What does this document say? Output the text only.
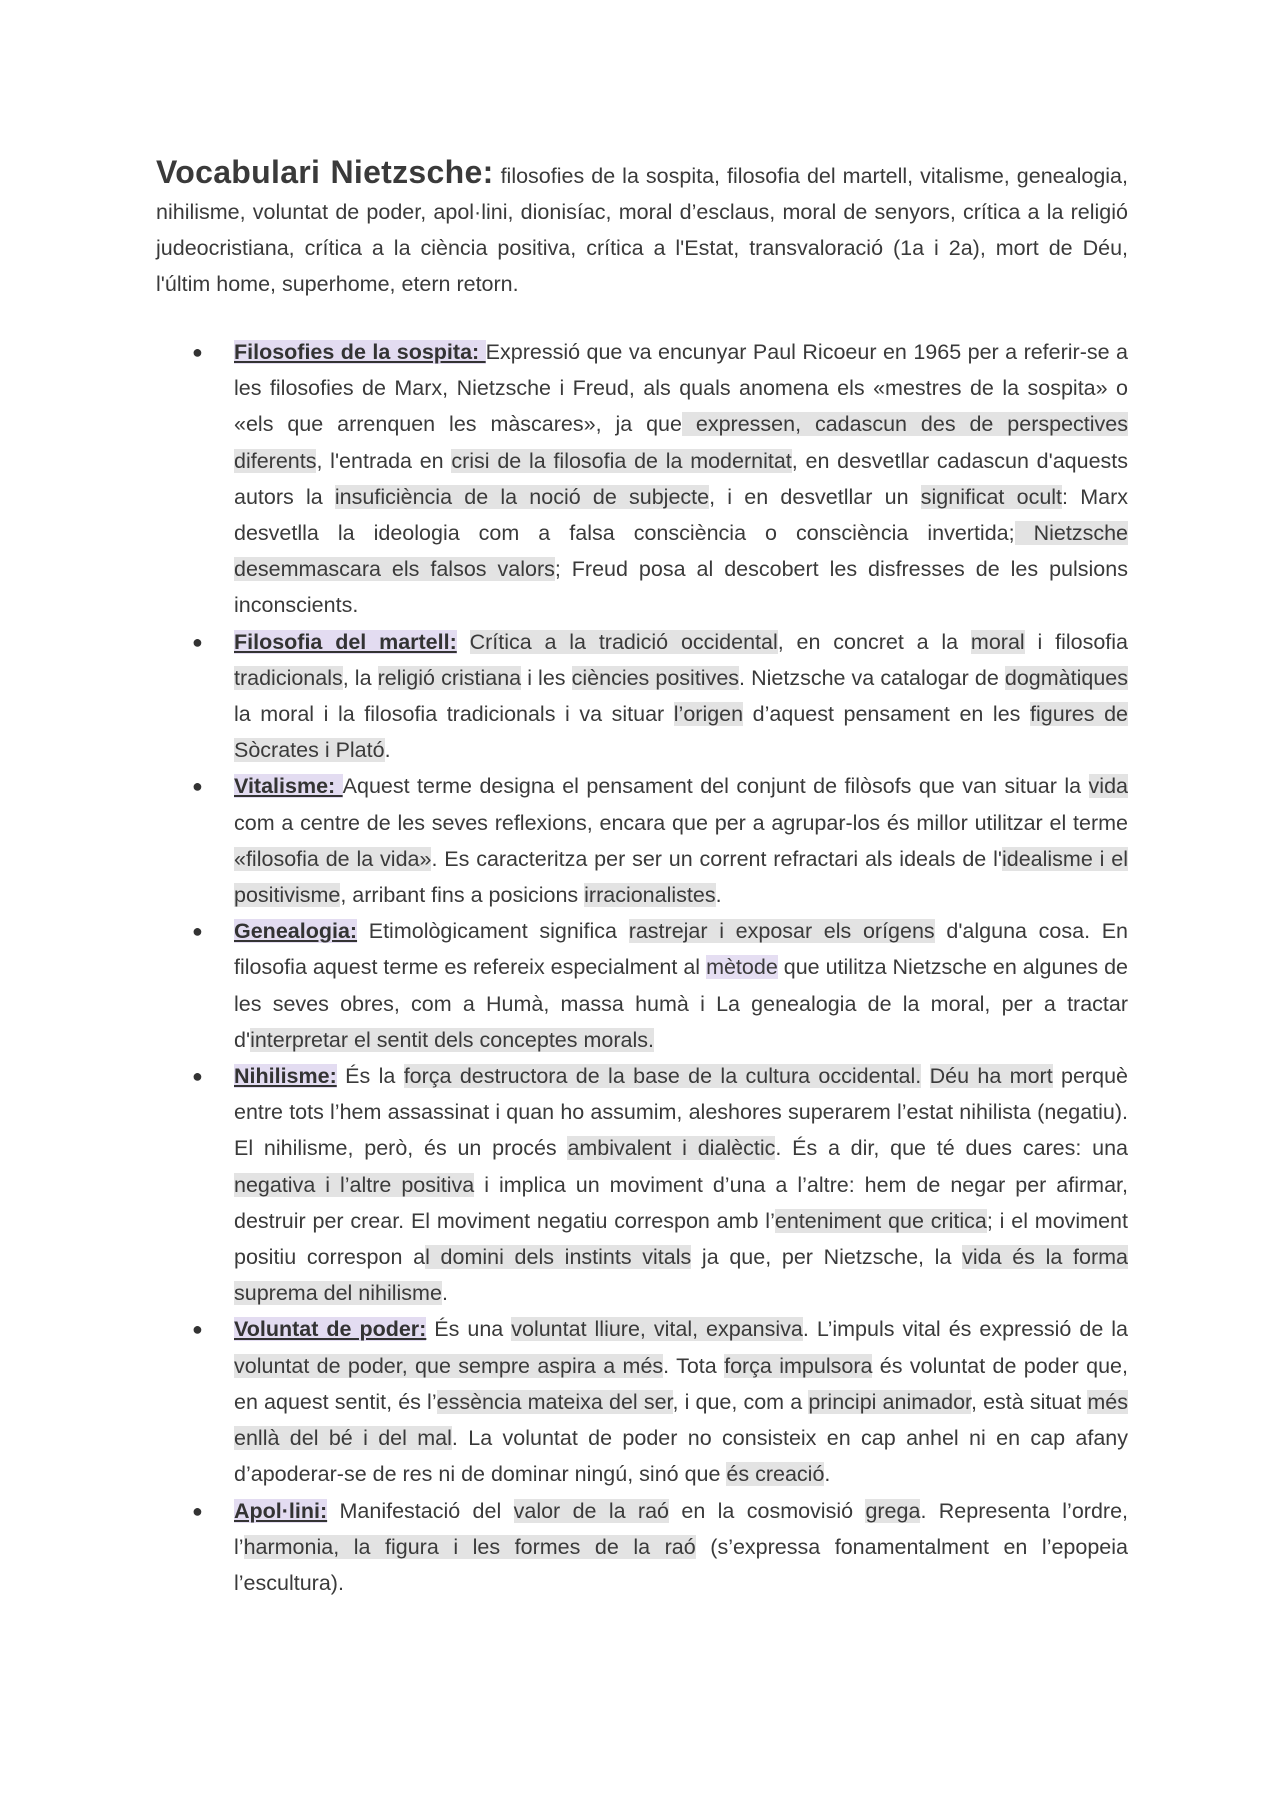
Vocabulari Nietzsche: filosofies de la sospita, filosofia del martell, vitalisme, genealogia, nihilisme, voluntat de poder, apol·lini, dionisíac, moral d’esclaus, moral de senyors, crítica a la religió judeocristiana, crítica a la ciència positiva, crítica a l'Estat, transvaloració (1a i 2a), mort de Déu, l'últim home, superhome, etern retorn.

● Filosofies de la sospita: Expressió que va encunyar Paul Ricoeur en 1965 per a referir-se a les filosofies de Marx, Nietzsche i Freud, als quals anomena els «mestres de la sospita» o «els que arrenquen les màscares», ja que expressen, cadascun des de perspectives diferents, l'entrada en crisi de la filosofia de la modernitat, en desvetllar cadascun d'aquests autors la insuficiència de la noció de subjecte, i en desvetllar un significat ocult: Marx desvetlla la ideologia com a falsa consciència o consciència invertida; Nietzsche desemmascara els falsos valors; Freud posa al descobert les disfresses de les pulsions inconscients.
● Filosofia del martell: Crítica a la tradició occidental, en concret a la moral i filosofia tradicionals, la religió cristiana i les ciències positives. Nietzsche va catalogar de dogmàtiques la moral i la filosofia tradicionals i va situar l’origen d’aquest pensament en les figures de Sòcrates i Plató.
● Vitalisme: Aquest terme designa el pensament del conjunt de filòsofs que van situar la vida com a centre de les seves reflexions, encara que per a agrupar-los és millor utilitzar el terme «filosofia de la vida». Es caracteritza per ser un corrent refractari als ideals de l'idealisme i el positivisme, arribant fins a posicions irracionalistes.
● Genealogia: Etimològicament significa rastrejar i exposar els orígens d'alguna cosa. En filosofia aquest terme es refereix especialment al mètode que utilitza Nietzsche en algunes de les seves obres, com a Humà, massa humà i La genealogia de la moral, per a tractar d'interpretar el sentit dels conceptes morals.
● Nihilisme: És la força destructora de la base de la cultura occidental. Déu ha mort perquè entre tots l’hem assassinat i quan ho assumim, aleshores superarem l’estat nihilista (negatiu). El nihilisme, però, és un procés ambivalent i dialèctic. És a dir, que té dues cares: una negativa i l’altre positiva i implica un moviment d’una a l’altre: hem de negar per afirmar, destruir per crear. El moviment negatiu correspon amb l’enteniment que critica; i el moviment positiu correspon al domini dels instints vitals ja que, per Nietzsche, la vida és la forma suprema del nihilisme.
● Voluntat de poder: És una voluntat lliure, vital, expansiva. L’impuls vital és expressió de la voluntat de poder, que sempre aspira a més. Tota força impulsora és voluntat de poder que, en aquest sentit, és l’essència mateixa del ser, i que, com a principi animador, està situat més enllà del bé i del mal. La voluntat de poder no consisteix en cap anhel ni en cap afany d’apoderar-se de res ni de dominar ningú, sinó que és creació.
● Apol·lini: Manifestació del valor de la raó en la cosmovisió grega. Representa l’ordre, l’harmonia, la figura i les formes de la raó (s’expressa fonamentalment en l’epopeia l’escultura).
